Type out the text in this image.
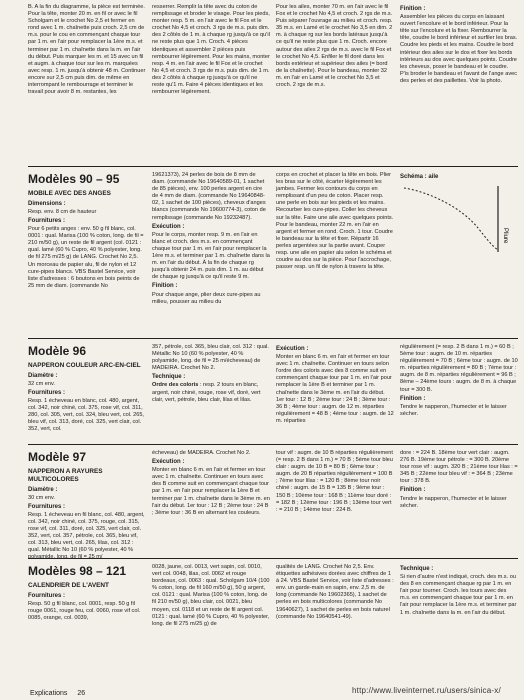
B. A la fin du diagramme, la pièce est terminée. Pour la tête, monter 20 m. en fil or avec le fil Scholgam et le crochet No 2,5 et fermer en rond avec 1 m. chaînette puis croch. 2,5 cm de m.s. pour le cou en commençant chaque tour par 1 m. en l'air pour remplacer la 1ère m.s. et terminer par 1 m. chaînette dans la m. en l'air du début. Puis marquer les m. et 15 avec un fil et augm. à chaque tour sur les m. marquées avec resp. 1 m. jusqu'à obtenir 48 m. Continuer encore sur 2,5 cm puis dim. de même en interrompant le rembourrage et terminer le travail pour avoir 8 m. restantes, les

resserrer. Remplir la tête avec du coton de remplissage et broder le visage. Pour les pieds, monter resp. 5 m. en l'air avec le fil Fox et le crochet No 4,5 et croch. 3 rgs de m.s. puis dim. des 2 côtés de 1 m. à chaque rg jusqu'à ce qu'il ne reste plus que 1 m. Croch. 4 pièces identiques et assembler 2 pièces puis rembourrer légèrement. Pour les mains, monter resp. 4 m. en l'air avec le fil Fox et le crochet No 4,5 et croch. 3 rgs de m.s. puis dim. de 1 m. des 2 côtés à chaque rg jusqu'à ce qu'il ne reste qu'1 m. Faire 4 pièces identiques et les rembourrer légèrement.

Pour les ailes, monter 70 m. en l'air avec le fil Fox et le crochet No 4,5 et croch. 2 rgs de m.s. Puis séparer l'ouvrage au milieu et croch. resp. 35 m.s. en Lamé et le crochet No 3,5 en dim. 2 m. à chaque rg sur les bords latéraux jusqu'à ce qu'il ne reste plus que 1 m. Croch. encore autour des ailes 2 rgs de m.s. avec le fil Fox et le crochet No 4,5. Enfiler le fil doré dans les bords extérieur et supérieur des ailes (= bord de la chaînette). Pour le bandeau, monter 32 m. en l'air en Lamé et le crochet No 3,5 et croch. 2 rgs de m.s.

Finition :

Assembler les pièces du corps en laissant ouvert l'encolure et le bord inférieur. Pour la tête sur l'encolure et la fixer. Rembourrer la tête, coudre le bord inférieur et surfiler les bras. Coudre les pieds et les mains. Coudre le bord intérieur des ailes sur le dos et fixer les bords intérieurs au dos avec quelques points. Coudre les cheveux, poser le bandeau et le coudre. P'is broder le bandeau et l'avant de l'ange avec des perles et des paillettes. Voir la photo.

Modèles 90 – 95
MOBILE AVEC DES ANGES
Dimensions :

Resp. env. 8 cm de hauteur

Fournitures :

Pour 6 petits anges : env. 50 g fil blanc, col. 0001 : qual. Marisa (100 % coton, long. de fil = 210 m/50 g), un reste de fil argent (col. 0121 : qual. lamé (60 % Cupro, 40 % polyester, long. de fil 275 m/25 g) de LANG. Crochet No 2,5. Un morceau de papier alu, fil de nylon et 12 cure-pipes blancs. VBS Bastel Service, voir liste d'adresses : 6 boutons en bois peints de 25 mm de diam. (commande No

19621373), 24 perles de bois de 8 mm de diam. (commande No 19640589-01, 1 sachet de 85 pièces), env. 100 perles argent en cire de 4 mm de diam. (commande No 19640848-02, 1 sachet de 100 pièces), cheveux d'anges blancs (commande No 19600774-3), coton de remplissage (commande No 19232487).

Exécution :

Pour le corps, monter resp. 9 m. en l'air en blanc et croch. des m.s. en commençant chaque tour par 1 m. en l'air pour remplacer la 1ère m.s. et terminer par 1 m. chaînette dans la m. en l'air du début. À la fin de chaque rg jusqu'à obtenir 24 m. puis dim. 1 m. au début de chaque rg jusqu'à ce qu'il reste 9 m.

Finition :

Pour chaque ange, plier deux cure-pipes au milieu, pousser au milieu du

corps en crochet et placer la tête en bois. Plier les bras sur le côté, écarter légèrement les jambes. Fermer les contours du corps en remplissant d'un peu de coton. Placer resp. une perle en bois sur les pieds et les mains. Recourber les cure-pipes. Coller les cheveux sur la tête. Faire une aile avec quelques points. Pour le bandeau, monter 22 m. en l'air en argent et fermer en rond. Croch. 1 tour. Coudre le bandeau sur la tête et fixer. Répartir 16 perles argentées sur la partie avant. Couper resp. une aile en papier alu selon le schéma et coudre au dos sur la pièce. Pour l'accrochage, passer resp. un fil de nylon à travers la tête.

Schéma : aile
Pliure
Modèle 96
NAPPERON COULEUR ARC-EN-CIEL
Diamètre :

32 cm env.

Fournitures :

Resp. 1 écheveau en blanc, col. 480, argent, col. 342, noir chiné, col. 375, rose vif, col. 311, 280, col. 305, vert, col. 324, bleu vert, col. 265, bleu vif, col. 313, doré, col. 325, vert clair, col. 352, vert, col.

357, pétrole, col. 365, bleu clair, col. 312 : qual. Métallic No 10 (60 % polyester, 40 % polyamide, long. de fil = 25 m/écheveau) de MADEIRA. Crochet No 2.

Technique :

Ordre des coloris : resp. 2 tours en blanc, argent, noir chiné, rouge, rose vif, doré, vert clair, vert, pétrole, bleu clair, lilas et lilas.

Exécution :

Monter en blanc 6 m. en l'air et fermer en tour avec 1 m. chaînette. Continuer en tours selon l'ordre des coloris avec des 8 comme suit en commençant chaque tour par 1 m. en l'air pour remplacer la 1ère B et terminer par 1 m. chaînette dans le 3ème m. en l'air du début. 1er tour : 12 B ; 2ème tour : 24 B ; 3ème tour : 36 B ; 4ème tour : augm. de 12 m. réparties régulièrement = 48 B ; 4ème tour : augm. de 12 m. réparties

régulièrement (= resp. 2 B dans 1 m.) = 60 B ; 5ème tour : augm. de 10 m. réparties régulièrement = 70 B ; 6ème tour : augm. de 10 m. réparties régulièrement = 80 B ; 7ème tour : augm. de 8 m. réparties régulièrement = 96 B ; 8ème – 24ème tours : augm. de 8 m. à chaque tour = 300 B.

Finition :

Tendre le napperon, l'humecter et le laisser sécher.

Modèle 97
NAPPERON A RAYURES MULTICOLORES
Diamètre :

30 cm env.

Fournitures :

Resp. 1 écheveau en fil blanc, col. 480, argent, col. 342, noir chiné, col. 375, rouge, col. 315, rose vif, col. 311, doré, col. 325, vert clair, col. 352, vert, col. 357, pétrole, col. 365, bleu vif, col. 313, bleu vert, col. 265, lilas, col. 312 : qual. Métallic No 10 (60 % polyester, 40 %

écheveau) de MADEIRA. Crochet No 2.

Exécution :

Monter en blanc 6 m. en l'air et fermer en tour avec 1 m. chaînette. Continuer en tours avec des B comme suit en commençant chaque tour par 1 m. en l'air pour remplacer la 1ère B et terminer par 1 m. chaînette dans le 3ème m. en l'air du début. 1er tour : 12 B ; 2ème tour : 24 B ; 3ème tour : 36 B en alternant les couleurs.

tour vif : augm. de 10 B réparties régulièrement (= resp. 2 B dans 1 m.) = 70 B ; 5ème tour bleu clair : augm. de 10 B = 80 B ; 6ème tour : augm. de 20 B réparties régulièrement = 100 B ; 7ème tour lilas : = 120 B ; 8ème tour noir chiné : augm. de 15 B = 135 B ; 9ème tour : 150 B ; 10ème tour : 168 B ; 11ème tour doré : = 182 B ; 12ème tour : 196 B ; 13ème tour vert : = 210 B ; 14ème tour : 224 B.

dore : = 224 B. 18ème tour vert clair : augm. 276 B. 19ème tour pétrole : = 300 B. 20ème tour rose vif : augm. 320 B ; 21ème tour lilas : = 345 B ; 22ème tour bleu vif : = 364 B ; 23ème tour : 378 B.

Finition :

Tendre le napperon, l'humecter et le laisser sécher.

Modèles 98 – 121
CALENDRIER DE L'AVENT
Fournitures :

Resp. 50 g fil blanc, col. 0001, resp. 50 g fil rouge 0061, rouge feu, col. 0060, rose vif col. 0085, orange, col. 0039,

0028, jaune, col. 0013, vert sapin, col. 0010, vert col. 0048, lilas, col. 0062 et rouge bordeaux, col. 0063 : qual. Scholgam 10/4 (100 % coton, long. de fil 160 m/50 g), 50 g argent, col. 0121 : qual. Marisa (100 % coton, long. de fil 210 m/50 g), bleu clair, col. 0021, bleu moyen, col. 0118 et un reste de fil argent col. 0121 : qual. lamé (60 % Cupro, 40 % polyester, long. de fil 275 m/25 g) de

qualités de LANG. Crochet No 2,5. Env. étiquettes adhésives dorées avec chiffres de 1 à 24. VBS Bastel Service, voir liste d'adresses : env. un garde-main en sapin, env. 2,5 m. de long (commande No 19602365), 1 sachet de perles en bois multicolores (commande No 19640627), 1 sachet de perles en bois naturel (commande No 19640541-49).

Technique :

Si rien d'autre n'est indiqué, croch. des m.s. ou des 8 en commençant chaque rg par 1 m. en l'air pour tourner. Croch. les tours avec des m.s. en commençant chaque tour par 1 m. en l'air pour remplacer la 1ère m.s. et terminer par 1 m. chaînette dans la m. en l'air du début.

Explications 26	http://www.liveinternet.ru/users/sinica-x/
